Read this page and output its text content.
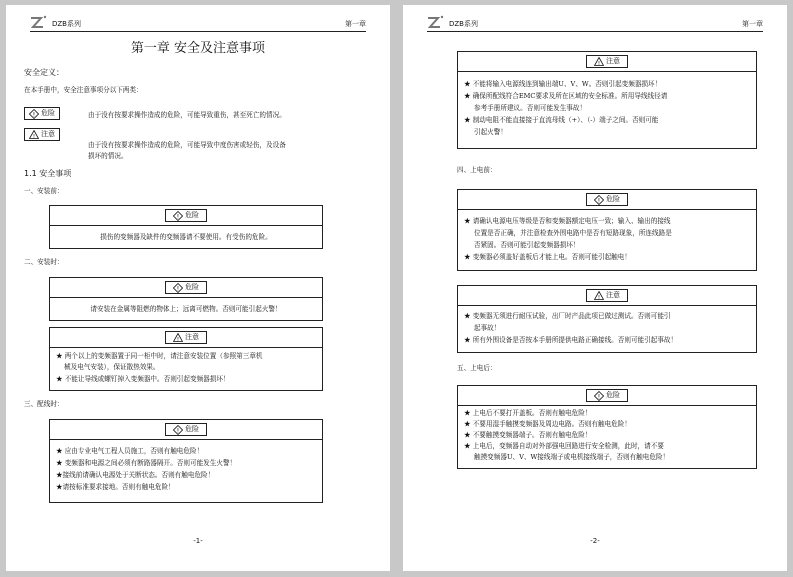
DZB系列	第一章
第一章 安全及注意事项
安全定义：
在本手册中，安全注意事项分以下两类：
! 危险	由于没有按要求操作造成的危险，可能导致重伤，甚至死亡的情况。
! 注意
由于没有按要求操作造成的危险，可能导致中度伤害或轻伤，及设备
损坏的情况。
1.1 安全事项
一、安装前：
! 危险
损伤的变频器及缺件的变频器请不要使用。有受伤的危险。
二、安装时：
! 危险
请安装在金属等阻燃的物体上；远离可燃物。否则可能引起火警！
! 注意
★ 两个以上的变频器置于同一柜中时，请注意安装位置（参照第三章机
械及电气安装），保证散热效果。
★ 不能让导线或螺钉掉入变频器中。否则引起变频器损坏！
三、配线时：
! 危险
★ 应由专业电气工程人员施工，否则有触电危险！
★ 变频器和电源之间必须有断路器隔开。否则可能发生火警！
★接线前请确认电源处于关断状态。否则有触电危险！
★请按标准要求接地。否则有触电危险！
-1-
DZB系列	第一章
! 注意
★ 不能将输入电源线连到输出端U、V、W。否则引起变频器损坏！
★ 确保所配线符合EMC要求及所在区域的安全标准。所用导线线径请
参考手册所建议。否则可能发生事故！
★ 制动电阻不能直接接于直流母线（+）、（-）端子之间。否则可能
引起火警！
四、上电前：
! 危险
★ 请确认电源电压等级是否和变频器额定电压一致；输入、输出的接线
位置是否正确，并注意检查外围电路中是否有短路现象，所连线路是
否紧固。否则可能引起变频器损坏！
★ 变频器必须盖好盖板后才能上电。否则可能引起触电！
! 注意
★ 变频器无须进行耐压试验，出厂时产品此项已做过测试。否则可能引
起事故！
★ 所有外围设备是否按本手册所提供电路正确接线。否则可能引起事故！
五、上电后：
! 危险
★ 上电后不要打开盖板。否则有触电危险！
★ 不要用湿手触摸变频器及周边电路。否则有触电危险！
★ 不要触摸变频器端子。否则有触电危险！
★ 上电后，变频器自动对外部强电回路进行安全检测，此时，请不要
触摸变频器U、V、W接线端子或电机接线端子，否则有触电危险！
-2-
